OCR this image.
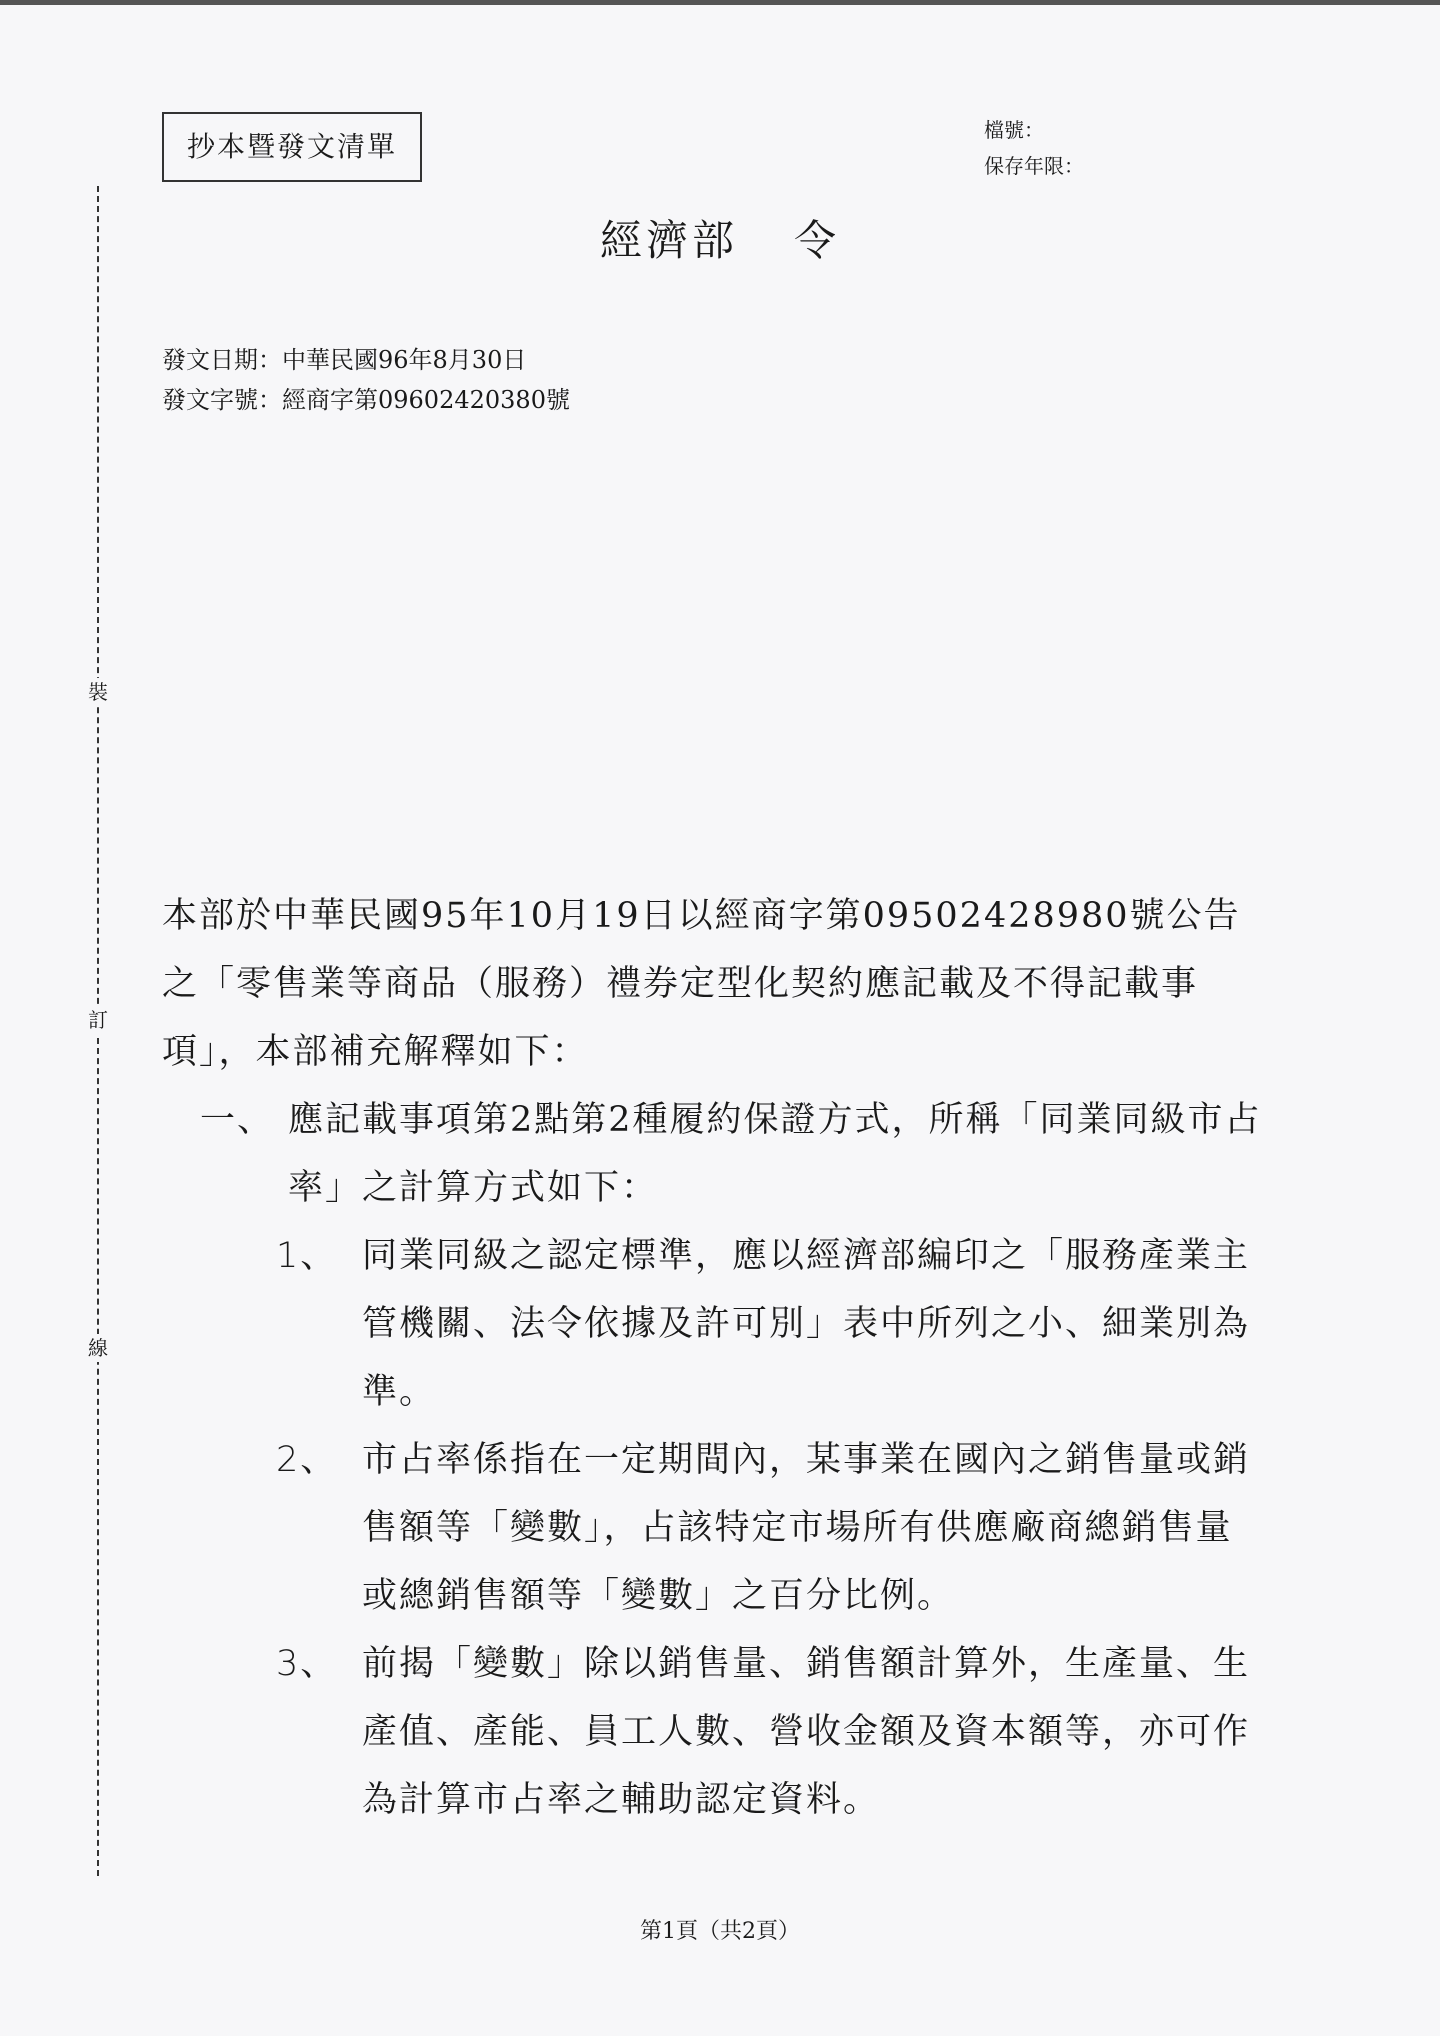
抄本暨發文清單	檔號：
保存年限：
經濟部 令
發文日期：中華民國96年8月30日
發文字號：經商字第09602420380號
裝
訂
線

本部於中華民國95年10月19日以經商字第09502428980號公告之「零售業等商品（服務）禮券定型化契約應記載及不得記載事項」，本部補充解釋如下：

一、 應記載事項第2點第2種履約保證方式，所稱「同業同級市占率」之計算方式如下：

1、 同業同級之認定標準，應以經濟部編印之「服務產業主管機關、法令依據及許可別」表中所列之小、細業別為準。

2、 市占率係指在一定期間內，某事業在國內之銷售量或銷售額等「變數」，占該特定市場所有供應廠商總銷售量或總銷售額等「變數」之百分比例。

3、 前揭「變數」除以銷售量、銷售額計算外，生產量、生產值、產能、員工人數、營收金額及資本額等，亦可作為計算市占率之輔助認定資料。

第1頁（共2頁）
